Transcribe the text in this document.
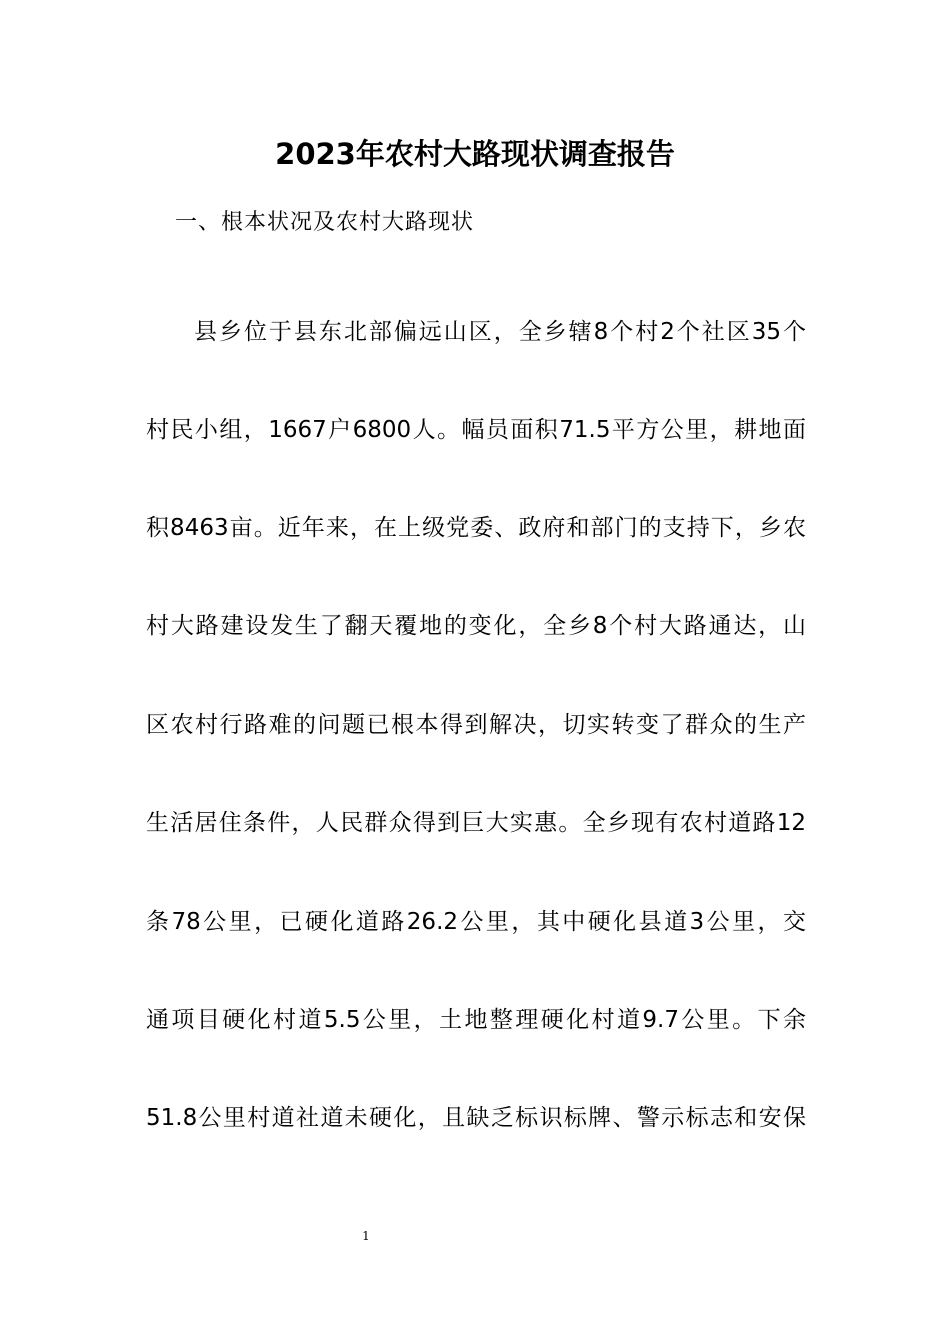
2023年农村大路现状调查报告
一、根本状况及农村大路现状
县乡位于县东北部偏远山区，全乡辖8个村2个社区35个
村民小组，1667户6800人。幅员面积71.5平方公里，耕地面
积8463亩。近年来，在上级党委、政府和部门的支持下，乡农
村大路建设发生了翻天覆地的变化，全乡8个村大路通达，山
区农村行路难的问题已根本得到解决，切实转变了群众的生产
生活居住条件，人民群众得到巨大实惠。全乡现有农村道路12
条78公里，已硬化道路26.2公里，其中硬化县道3公里，交
通项目硬化村道5.5公里，土地整理硬化村道9.7公里。下余
51.8公里村道社道未硬化，且缺乏标识标牌、警示标志和安保
1
